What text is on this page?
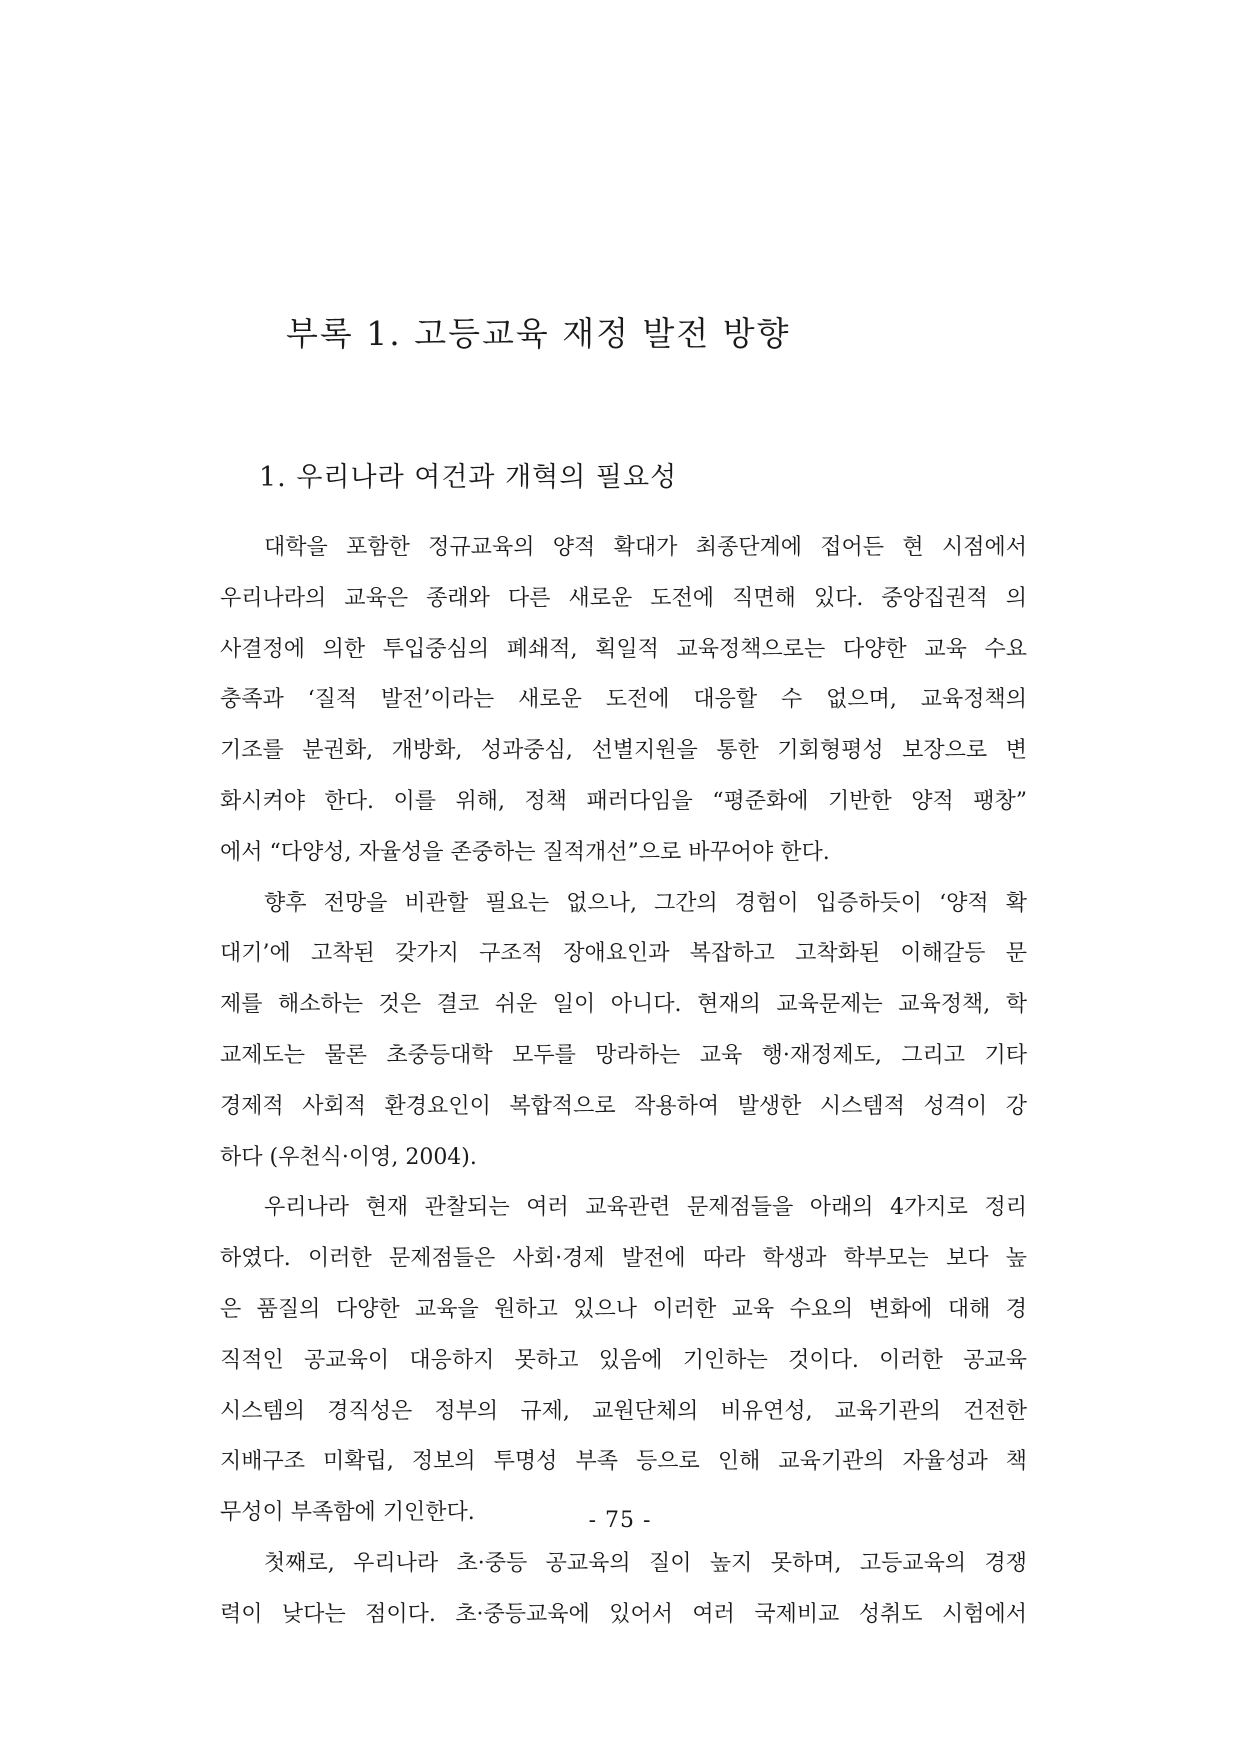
부록 1. 고등교육 재정 발전 방향
1. 우리나라 여건과 개혁의 필요성
대학을 포함한 정규교육의 양적 확대가 최종단계에 접어든 현 시점에서
우리나라의 교육은 종래와 다른 새로운 도전에 직면해 있다. 중앙집권적 의
사결정에 의한 투입중심의 폐쇄적, 획일적 교육정책으로는 다양한 교육 수요
충족과 ‘질적 발전’이라는 새로운 도전에 대응할 수 없으며, 교육정책의
기조를 분권화, 개방화, 성과중심, 선별지원을 통한 기회형평성 보장으로 변
화시켜야 한다. 이를 위해, 정책 패러다임을 “평준화에 기반한 양적 팽창”
에서 “다양성, 자율성을 존중하는 질적개선”으로 바꾸어야 한다.
향후 전망을 비관할 필요는 없으나, 그간의 경험이 입증하듯이 ‘양적 확
대기’에 고착된 갖가지 구조적 장애요인과 복잡하고 고착화된 이해갈등 문
제를 해소하는 것은 결코 쉬운 일이 아니다. 현재의 교육문제는 교육정책, 학
교제도는 물론 초중등대학 모두를 망라하는 교육 행·재정제도, 그리고 기타
경제적 사회적 환경요인이 복합적으로 작용하여 발생한 시스템적 성격이 강
하다 (우천식·이영, 2004).
우리나라 현재 관찰되는 여러 교육관련 문제점들을 아래의 4가지로 정리
하였다. 이러한 문제점들은 사회·경제 발전에 따라 학생과 학부모는 보다 높
은 품질의 다양한 교육을 원하고 있으나 이러한 교육 수요의 변화에 대해 경
직적인 공교육이 대응하지 못하고 있음에 기인하는 것이다. 이러한 공교육
시스템의 경직성은 정부의 규제, 교원단체의 비유연성, 교육기관의 건전한
지배구조 미확립, 정보의 투명성 부족 등으로 인해 교육기관의 자율성과 책
무성이 부족함에 기인한다.
첫째로, 우리나라 초·중등 공교육의 질이 높지 못하며, 고등교육의 경쟁
력이 낮다는 점이다. 초·중등교육에 있어서 여러 국제비교 성취도 시험에서
- 75 -
